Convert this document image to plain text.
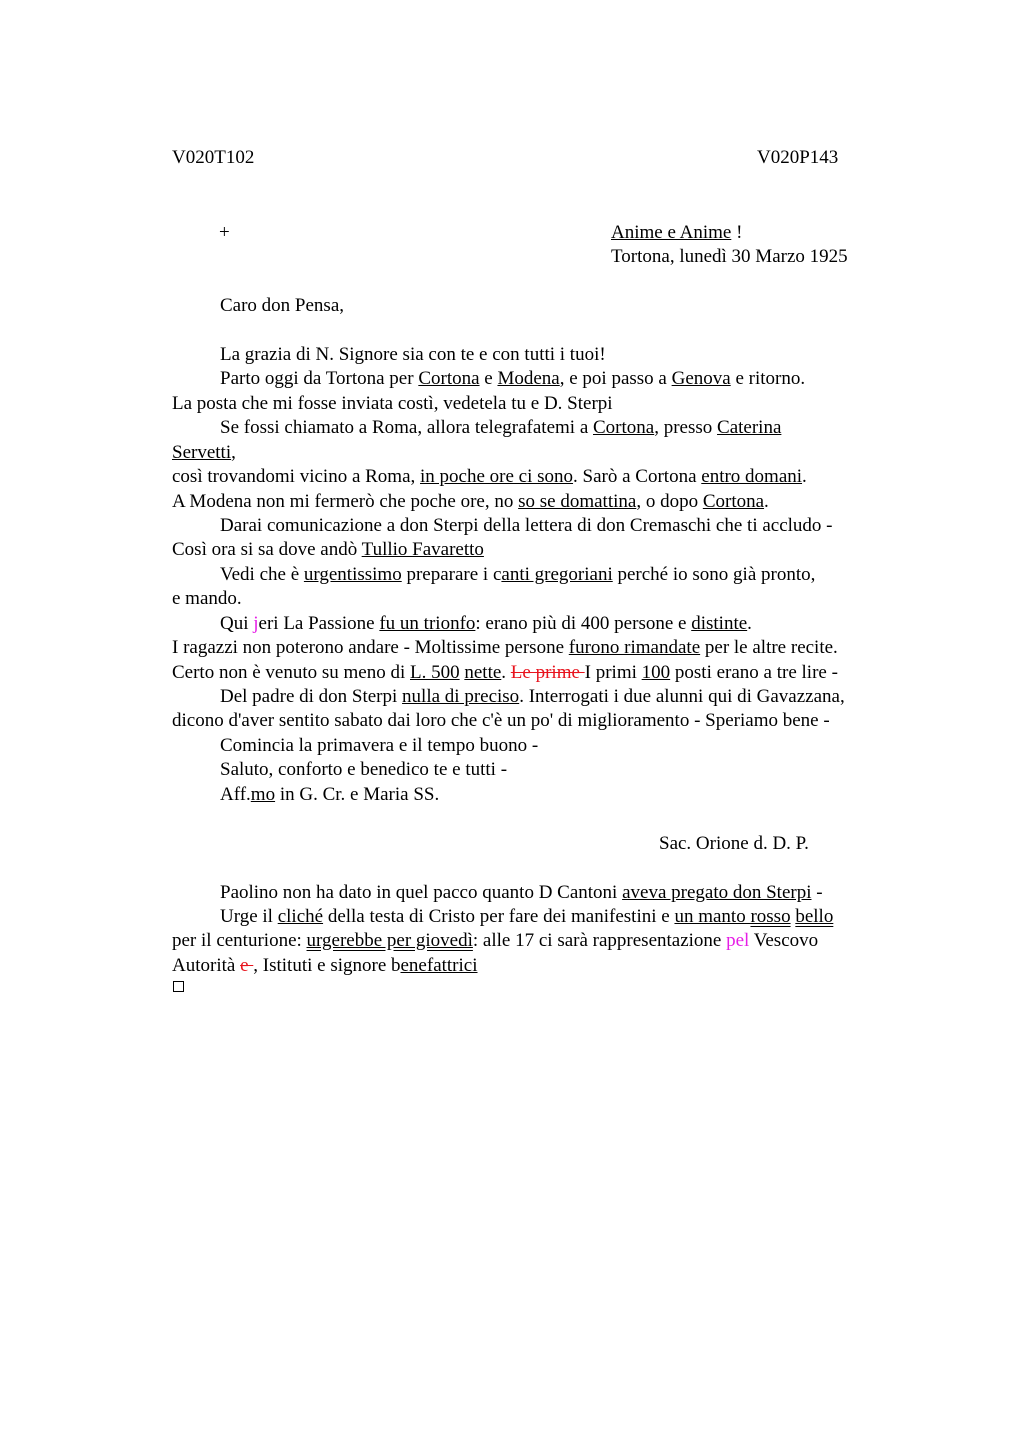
V020T102	V020P143
+	Anime e Anime !
Tortona, lunedì 30 Marzo 1925
Caro don Pensa,
La grazia di N. Signore sia con te e con tutti i tuoi!
Parto oggi da Tortona per Cortona e Modena, e poi passo a Genova e ritorno.
La posta che mi fosse inviata costì, vedetela tu e D. Sterpi
Se fossi chiamato a Roma, allora telegrafatemi a Cortona, presso Caterina
Servetti,
così trovandomi vicino a Roma, in poche ore ci sono. Sarò a Cortona entro domani.
A Modena non mi fermerò che poche ore, no so se domattina, o dopo Cortona.
Darai comunicazione a don Sterpi della lettera di don Cremaschi che ti accludo -
Così ora si sa dove andò Tullio Favaretto
Vedi che è urgentissimo preparare i canti gregoriani perché io sono già pronto,
e mando.
Qui jeri La Passione fu un trionfo: erano più di 400 persone e distinte.
I ragazzi non poterono andare - Moltissime persone furono rimandate per le altre recite.
Certo non è venuto su meno di L. 500 nette. Le prime I primi 100 posti erano a tre lire -
Del padre di don Sterpi nulla di preciso. Interrogati i due alunni qui di Gavazzana,
dicono d'aver sentito sabato dai loro che c'è un po' di miglioramento - Speriamo bene -
Comincia la primavera e il tempo buono -
Saluto, conforto e benedico te e tutti -
Aff.mo in G. Cr. e Maria SS.
Sac. Orione d. D. P.
Paolino non ha dato in quel pacco quanto D Cantoni aveva pregato don Sterpi -
Urge il cliché della testa di Cristo per fare dei manifestini e un manto rosso bello
per il centurione: urgerebbe per giovedì: alle 17 ci sarà rappresentazione pel Vescovo
Autorità e , Istituti e signore benefattrici
